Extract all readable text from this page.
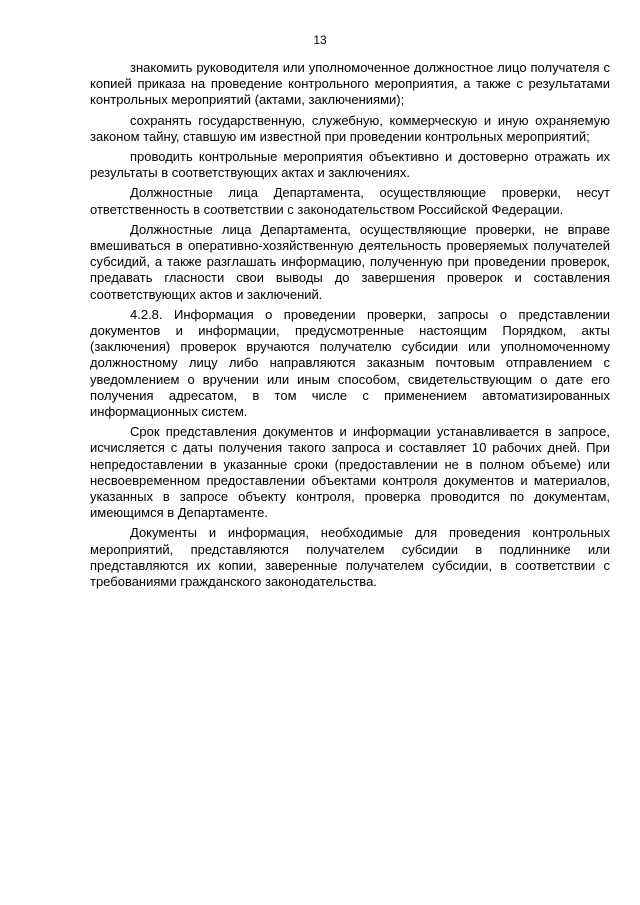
13

знакомить руководителя или уполномоченное должностное лицо получателя с копией приказа на проведение контрольного мероприятия, а также с результатами контрольных мероприятий (актами, заключениями);

сохранять государственную, служебную, коммерческую и иную охраняемую законом тайну, ставшую им известной при проведении контрольных мероприятий;

проводить контрольные мероприятия объективно и достоверно отражать их результаты в соответствующих актах и заключениях.

Должностные лица Департамента, осуществляющие проверки, несут ответственность в соответствии с законодательством Российской Федерации.

Должностные лица Департамента, осуществляющие проверки, не вправе вмешиваться в оперативно-хозяйственную деятельность проверяемых получателей субсидий, а также разглашать информацию, полученную при проведении проверок, предавать гласности свои выводы до завершения проверок и составления соответствующих актов и заключений.

4.2.8. Информация о проведении проверки, запросы о представлении документов и информации, предусмотренные настоящим Порядком, акты (заключения) проверок вручаются получателю субсидии или уполномоченному должностному лицу либо направляются заказным почтовым отправлением с уведомлением о вручении или иным способом, свидетельствующим о дате его получения адресатом, в том числе с применением автоматизированных информационных систем.

Срок представления документов и информации устанавливается в запросе, исчисляется с даты получения такого запроса и составляет 10 рабочих дней. При непредоставлении в указанные сроки (предоставлении не в полном объеме) или несвоевременном предоставлении объектами контроля документов и материалов, указанных в запросе объекту контроля, проверка проводится по документам, имеющимся в Департаменте.

Документы и информация, необходимые для проведения контрольных мероприятий, представляются получателем субсидии в подлиннике или представляются их копии, заверенные получателем субсидии, в соответствии с требованиями гражданского законодательства.
